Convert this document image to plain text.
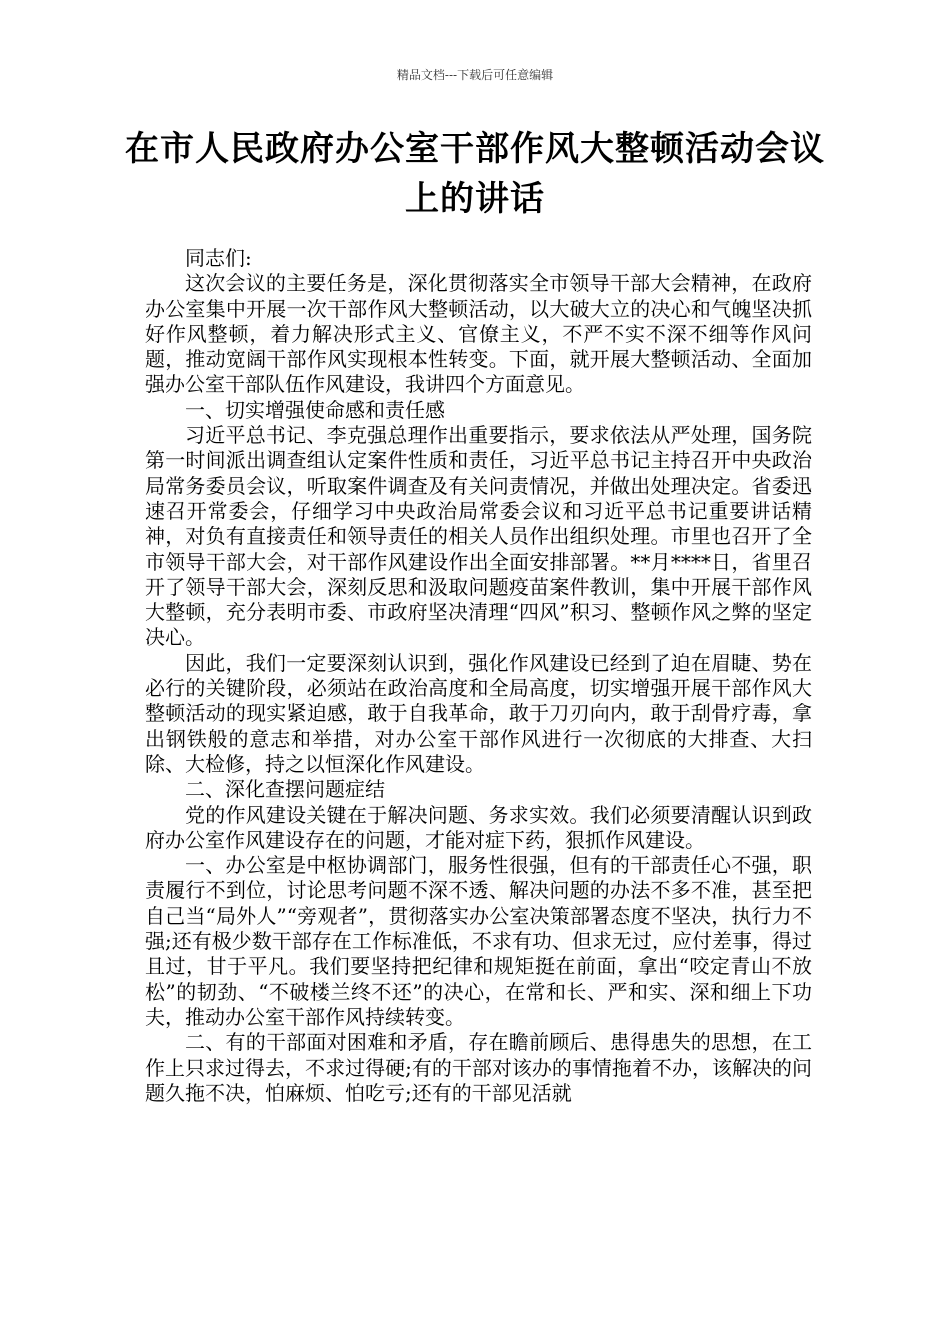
精品文档---下载后可任意编辑
在市人民政府办公室干部作风大整顿活动会议上的讲话

同志们:

这次会议的主要任务是，深化贯彻落实全市领导干部大会精神，在政府办公室集中开展一次干部作风大整顿活动，以大破大立的决心和气魄坚决抓好作风整顿，着力解决形式主义、官僚主义，不严不实不深不细等作风问题，推动宽阔干部作风实现根本性转变。下面，就开展大整顿活动、全面加强办公室干部队伍作风建设，我讲四个方面意见。

一、切实增强使命感和责任感

习近平总书记、李克强总理作出重要指示，要求依法从严处理，国务院第一时间派出调查组认定案件性质和责任，习近平总书记主持召开中央政治局常务委员会议，听取案件调查及有关问责情况，并做出处理决定。省委迅速召开常委会，仔细学习中央政治局常委会议和习近平总书记重要讲话精神，对负有直接责任和领导责任的相关人员作出组织处理。市里也召开了全市领导干部大会，对干部作风建设作出全面安排部署。**月****日，省里召开了领导干部大会，深刻反思和汲取问题疫苗案件教训，集中开展干部作风大整顿，充分表明市委、市政府坚决清理“四风”积习、整顿作风之弊的坚定决心。

因此，我们一定要深刻认识到，强化作风建设已经到了迫在眉睫、势在必行的关键阶段，必须站在政治高度和全局高度，切实增强开展干部作风大整顿活动的现实紧迫感，敢于自我革命，敢于刀刃向内，敢于刮骨疗毒，拿出钢铁般的意志和举措，对办公室干部作风进行一次彻底的大排查、大扫除、大检修，持之以恒深化作风建设。

二、深化查摆问题症结

党的作风建设关键在于解决问题、务求实效。我们必须要清醒认识到政府办公室作风建设存在的问题，才能对症下药，狠抓作风建设。

一、办公室是中枢协调部门，服务性很强，但有的干部责任心不强，职责履行不到位，讨论思考问题不深不透、解决问题的办法不多不准，甚至把自己当“局外人”“旁观者”，贯彻落实办公室决策部署态度不坚决，执行力不强;还有极少数干部存在工作标准低，不求有功、但求无过，应付差事，得过且过，甘于平凡。我们要坚持把纪律和规矩挺在前面，拿出“咬定青山不放松”的韧劲、“不破楼兰终不还”的决心，在常和长、严和实、深和细上下功夫，推动办公室干部作风持续转变。

二、有的干部面对困难和矛盾，存在瞻前顾后、患得患失的思想，在工作上只求过得去，不求过得硬;有的干部对该办的事情拖着不办，该解决的问题久拖不决，怕麻烦、怕吃亏;还有的干部见活就
